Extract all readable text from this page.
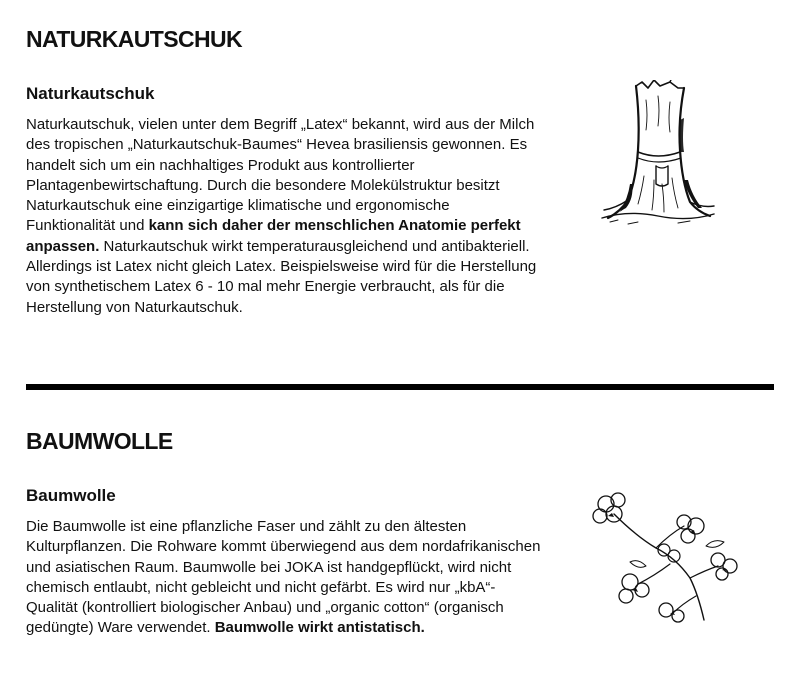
NATURKAUTSCHUK
Naturkautschuk

Naturkautschuk, vielen unter dem Begriff „Latex“ bekannt, wird aus der Milch des tropischen „Naturkautschuk-Baumes“ Hevea brasiliensis gewonnen. Es handelt sich um ein nachhaltiges Produkt aus kontrollierter Plantagenbewirtschaftung. Durch die besondere Molekülstruktur besitzt Naturkautschuk eine einzigartige klimatische und ergonomische Funktionalität und kann sich daher der menschlichen Anatomie perfekt anpassen. Naturkautschuk wirkt temperaturausgleichend und antibakteriell. Allerdings ist Latex nicht gleich Latex. Beispielsweise wird für die Herstellung von synthetischem Latex 6 - 10 mal mehr Energie verbraucht, als für die Herstellung von Naturkautschuk.

BAUMWOLLE
Baumwolle

Die Baumwolle ist eine pflanzliche Faser und zählt zu den ältesten Kulturpflanzen. Die Rohware kommt überwiegend aus dem nordafrikanischen und asiatischen Raum. Baumwolle bei JOKA ist handgepflückt, wird nicht chemisch entlaubt, nicht gebleicht und nicht gefärbt. Es wird nur „kbA“-Qualität (kontrolliert biologischer Anbau) und „organic cotton“ (organisch gedüngte) Ware verwendet. Baumwolle wirkt antistatisch.
